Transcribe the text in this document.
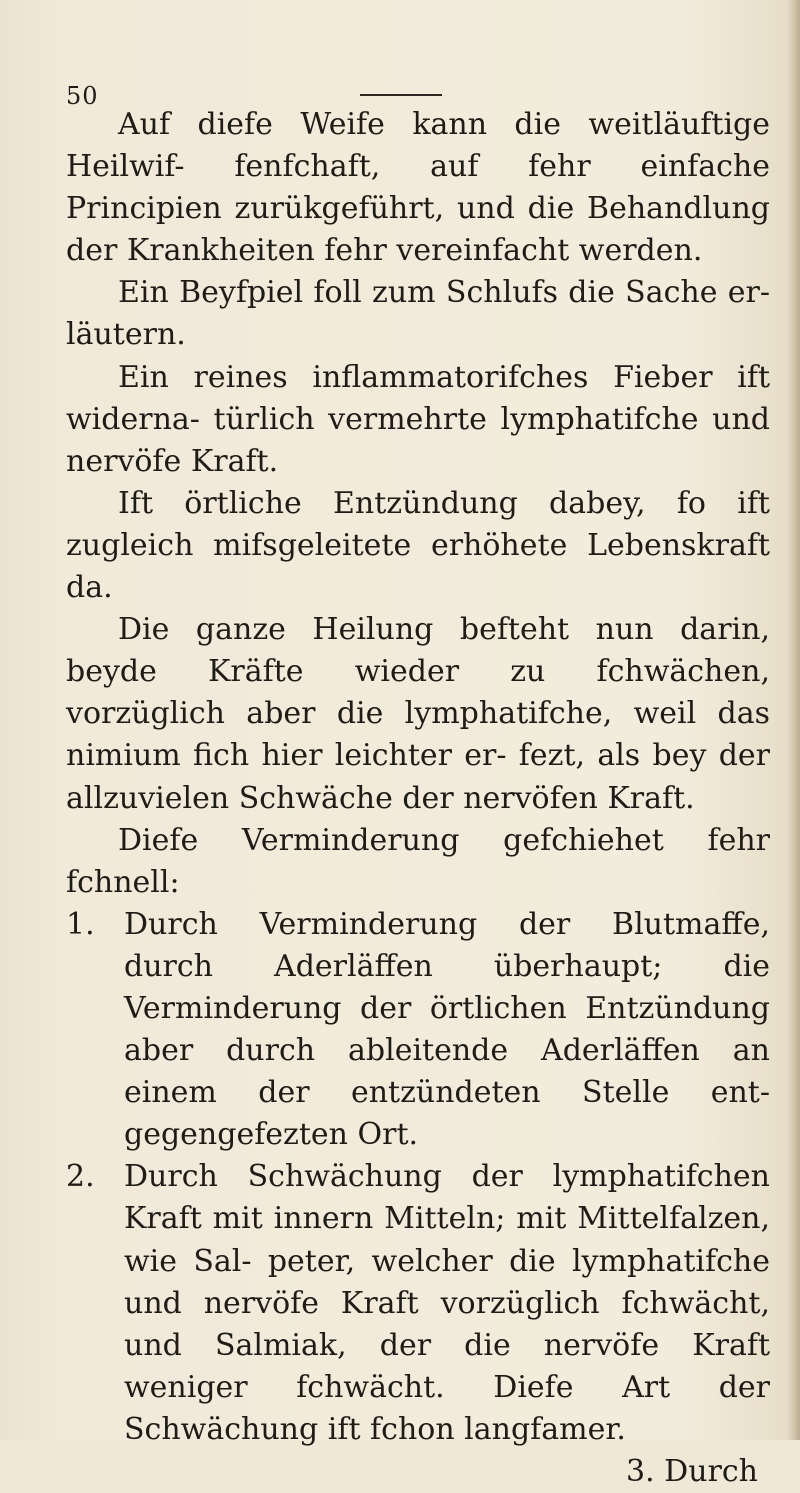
50

Auf diefe Weife kann die weitläuftige Heilwif- fenfchaft, auf fehr einfache Principien zurükgeführt, und die Behandlung der Krankheiten fehr vereinfacht werden.

Ein Beyfpiel foll zum Schlufs die Sache er- läutern.

Ein reines inflammatorifches Fieber ift widerna- türlich vermehrte lymphatifche und nervöfe Kraft.

Ift örtliche Entzündung dabey, fo ift zugleich mifsgeleitete erhöhete Lebenskraft da.

Die ganze Heilung befteht nun darin, beyde Kräfte wieder zu fchwächen, vorzüglich aber die lymphatifche, weil das nimium fich hier leichter er- fezt, als bey der allzuvielen Schwäche der nervöfen Kraft.

Diefe Verminderung gefchiehet fehr fchnell:

1. Durch Verminderung der Blutmaffe, durch Aderläffen überhaupt; die Verminderung der örtlichen Entzündung aber durch ableitende Aderläffen an einem der entzündeten Stelle ent- gegengefezten Ort.

2. Durch Schwächung der lymphatifchen Kraft mit innern Mitteln; mit Mittelfalzen, wie Sal- peter, welcher die lymphatifche und nervöfe Kraft vorzüglich fchwächt, und Salmiak, der die nervöfe Kraft weniger fchwächt. Diefe Art der Schwächung ift fchon langfamer.

3. Durch
